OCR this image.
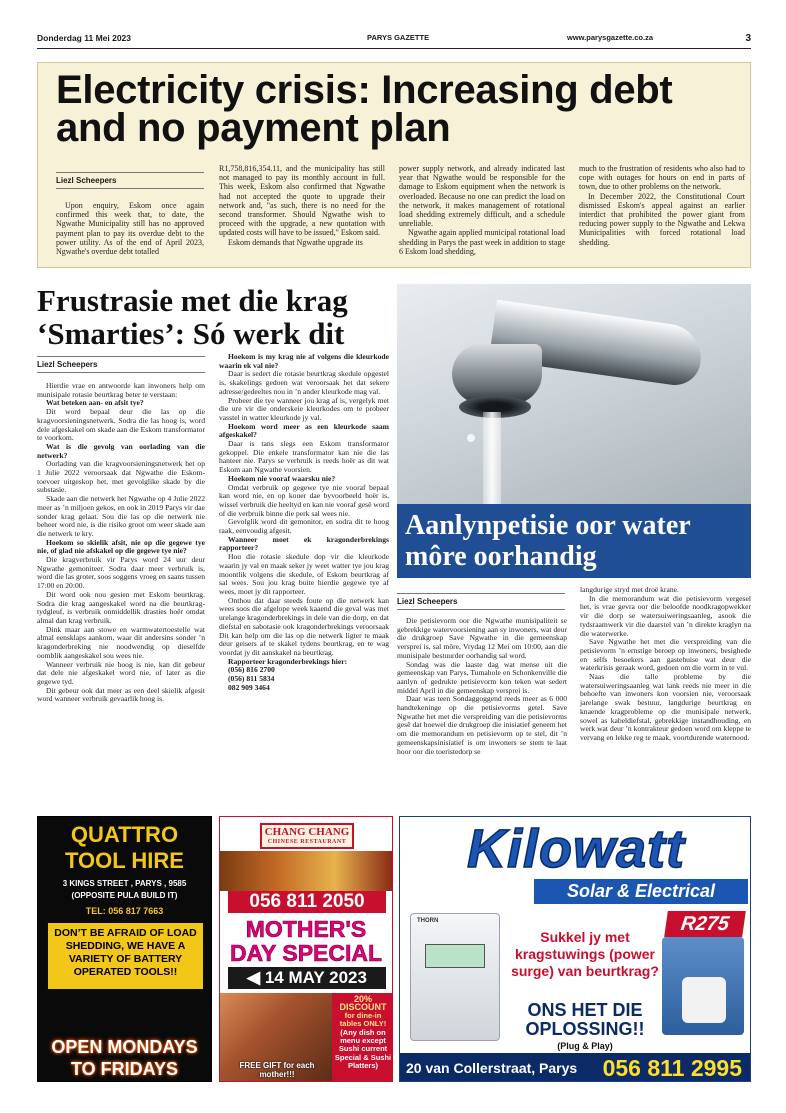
Donderdag 11 Mei 2023	PARYS GAZETTE	www.parysgazette.co.za	3
Electricity crisis: Increasing debt and no payment plan
Liezl Scheepers

Upon enquiry, Eskom once again confirmed this week that, to date, the Ngwathe Municipality still has no approved payment plan to pay its overdue debt to the power utility. As of the end of April 2023, Ngwathe's overdue debt totalled

R1,758,816,354.11, and the municipality has still not managed to pay its monthly account in full. This week, Eskom also confirmed that Ngwathe had not accepted the quote to upgrade their network and, "as such, there is no need for the second transformer. Should Ngwathe wish to proceed with the upgrade, a new quotation with updated costs will have to be issued," Eskom said.

Eskom demands that Ngwathe upgrade its

power supply network, and already indicated last year that Ngwathe would be responsible for the damage to Eskom equipment when the network is overloaded. Because no one can predict the load on the network, it makes management of rotational load shedding extremely difficult, and a schedule unreliable.

Ngwathe again applied municipal rotational load shedding in Parys the past week in addition to stage 6 Eskom load shedding,

much to the frustration of residents who also had to cope with outages for hours on end in parts of town, due to other problems on the network.

In December 2022, the Constitutional Court dismissed Eskom's appeal against an earlier interdict that prohibited the power giant from reducing power supply to the Ngwathe and Lekwa Municipalities with forced rotational load shedding.

Frustrasie met die krag ‘Smarties’: Só werk dit
Liezl Scheepers

Hierdie vrae en antwoorde kan inwoners help om munisipale rotasie beurtkrag beter te verstaan:

Wat beteken aan- en afsit tye?

Dit word bepaal deur die las op die kragvoorsieningsnetwerk. Sodra die las hoog is, word dele afgeskakel om skade aan die Eskom transformator te voorkom.

Wat is die gevolg van oorlading van die netwerk?

Oorlading van die kragvoorsieningsnetwerk het op 1 Julie 2022 veroorsaak dat Ngwathe die Eskom-toevoer uitgeskop het, met gevolglike skade by die substasie.

Skade aan die netwerk het Ngwathe op 4 Julie 2022 meer as ’n miljoen gekos, en ook in 2019 Parys vir dae sonder krag gelaat. Sou die las op die netwerk nie beheer word nie, is die risiko groot om weer skade aan die netwerk te kry.

Hoekom so skielik afsit, nie op die gegewe tye nie, of glad nie afskakel op die gegewe tye nie?

Die kragverbruik vir Parys word 24 uur deur Ngwathe gemoniteer. Sodra daar meer verbruik is, word die las groter, soos soggens vroeg en saans tussen 17:00 en 20:00.

Dit word ook nou gesien met Eskom beurtkrag. Sodra die krag aangeskakel word na die beurtkrag-tydgleuf, is verbruik onmiddellik drasties hoër omdat almal dan krag verbruik.

Dink maar aan stowe en warmwatertoestelle wat almal eensklaps aankom, waar dit andersins sonder ’n kragonderbreking nie noodwendig op dieselfde oomblik aangeskakel sou wees nie.

Wanneer verbruik nie hoog is nie, kan dit gebeur dat dele nie afgeskakel word nie, of later as die gegewe tyd.

Dit gebeur ook dat meer as een deel skielik afgesit word wanneer verbruik gevaarlik hoog is.

Hoekom is my krag nie af volgens die kleurkode waarin ek val nie?

Daar is sedert die rotasie beurtkrag skedule opgestel is, skakelings gedoen wat veroorsaak het dat sekere adresse/gedeeltes nou in ’n ander kleurkode mag val.

Probeer die tye wanneer jou krag af is, vergelyk met die ure vir die onderskeie kleurkodes om te probeer vasstel in watter kleurkode jy val.

Hoekom word meer as een kleurkode saam afgeskakel?

Daar is tans slegs een Eskom transformator gekoppel. Die enkele transformator kan nie die las hanteer nie. Parys se verbruik is reeds hoër as dit wat Eskom aan Ngwathe voorsien.

Hoekom nie vooraf waarsku nie?

Omdat verbruik op gegewe tye nie vooraf bepaal kan word nie, en op kouer dae byvoorbeeld hoër is, wissel verbruik die heeltyd en kan nie vooraf gesê word of die verbruik binne die perk sal wees nie.

Gevolglik word dit gemonitor, en sodra dit te hoog raak, eenvoudig afgesit.

Wanneer moet ek kragonderbrekings rapporteer?

Hou die rotasie skedule dop vir die kleurkode waarin jy val en maak seker jy weet watter tye jou krag moontlik volgens die skedule, of Eskom beurtkrag af sal wees. Sou jou krag buite hierdie gegewe tye af wees, moet jy dit rapporteer.

Onthou dat daar steeds foute op die netwerk kan wees soos die afgelope week kaaend die geval was met urelange kragonderbrekings in dele van die dorp, en dat diefstal en sabotasie ook kragonderbrekings veroorsaak Dit kan help om die las op die netwerk ligter te maak deur geisers af te skakel tydens beurtkrag, en te wag voordat jy dit aanskakel na beurtkrag.

Rapporteer kragonderbrekings hier:

(056) 816 2700

(056) 811 5834

082 909 3464

Aanlynpetisie oor water môre oorhandig
Liezl Scheepers

Die petisievorm oor die Ngwathe munisipaliteit se gebrekkige watervoorsiening aan sy inwoners, wat deur die drukgroep Save Ngwathe in die gemeenskap versprei is, sal môre, Vrydag 12 Mei om 10:00, aan die munisipale bestuurder oorhandig sal word.

Sondag was die laaste dag wat mense uit die gemeenskap van Parys, Tumahole en Schonkenville die aanlyn of gedrukte petisievorm kon teken wat sedert middel April in die gemeenskap versprei is.

Daar was teen Sondaggoggend reeds meer as 6 000 handtekeninge op die petisievorms getel. Save Ngwathe het met die verspreiding van die petisievorms gesê dat hoewel die drukgroep die inisiatief geneem het om die memorandum en petisievorm op te stel, dit ’n gemeenskapsinisiatief is om inwoners se stem te laat hoor oor die toeristedorp se

langdurige stryd met droë krane.

In die memorandum wat die petisievorm vergesel het, is vrae gevra oor die beloofde noodkragopwekker vir die dorp se watersuiweringsaanleg, asook die tydsraamwerk vir die daarstel van ’n direkte kraglyn na die waterwerke.

Save Ngwathe het met die verspreiding van die petisievorm ’n ernstige beroep op inwoners, besighede en selfs besoekers aan gastehuise wat deur die waterkrisis geraak word, gedoen om die vorm in te vul.

Naas die talle probleme by die watersuiweringsaanleg wat lank reeds nie meer in die behoefte van inwoners kon voorsien nie, veroorsaak jarelange swak bestuur, langdurige beurtkrag en knaende kragprobleme op die munisipale netwerk, sowel as kabeldiefstal, gebrekkige instandhouding, en werk wat deur ’n kontrakteur gedoen word om kleppe te vervang en lekke reg te maak, voortdurende waternood.

QUATTRO
TOOL HIRE
3 KINGS STREET , PARYS , 9585
(OPPOSITE PULA BUILD IT)
TEL: 056 817 7663
DON’T BE AFRAID OF LOAD SHEDDING, WE HAVE A VARIETY OF BATTERY OPERATED TOOLS!!
OPEN MONDAYS
TO FRIDAYS
CHANG CHANG
CHINESE RESTAURANT
056 811 2050
MOTHER'S
DAY SPECIAL
◀ 14 MAY 2023
20%
DISCOUNT
for dine-in tables ONLY!
(Any dish on menu except Sushi current Special & Sushi Platters)
FREE GIFT for each mother!!!
Kilowatt
Solar & Electrical
THORN	R275
Sukkel jy met kragstuwings (power surge) van beurtkrag?
ONS HET DIE OPLOSSING!!
(Plug & Play)
20 van Collerstraat, Parys 056 811 2995
